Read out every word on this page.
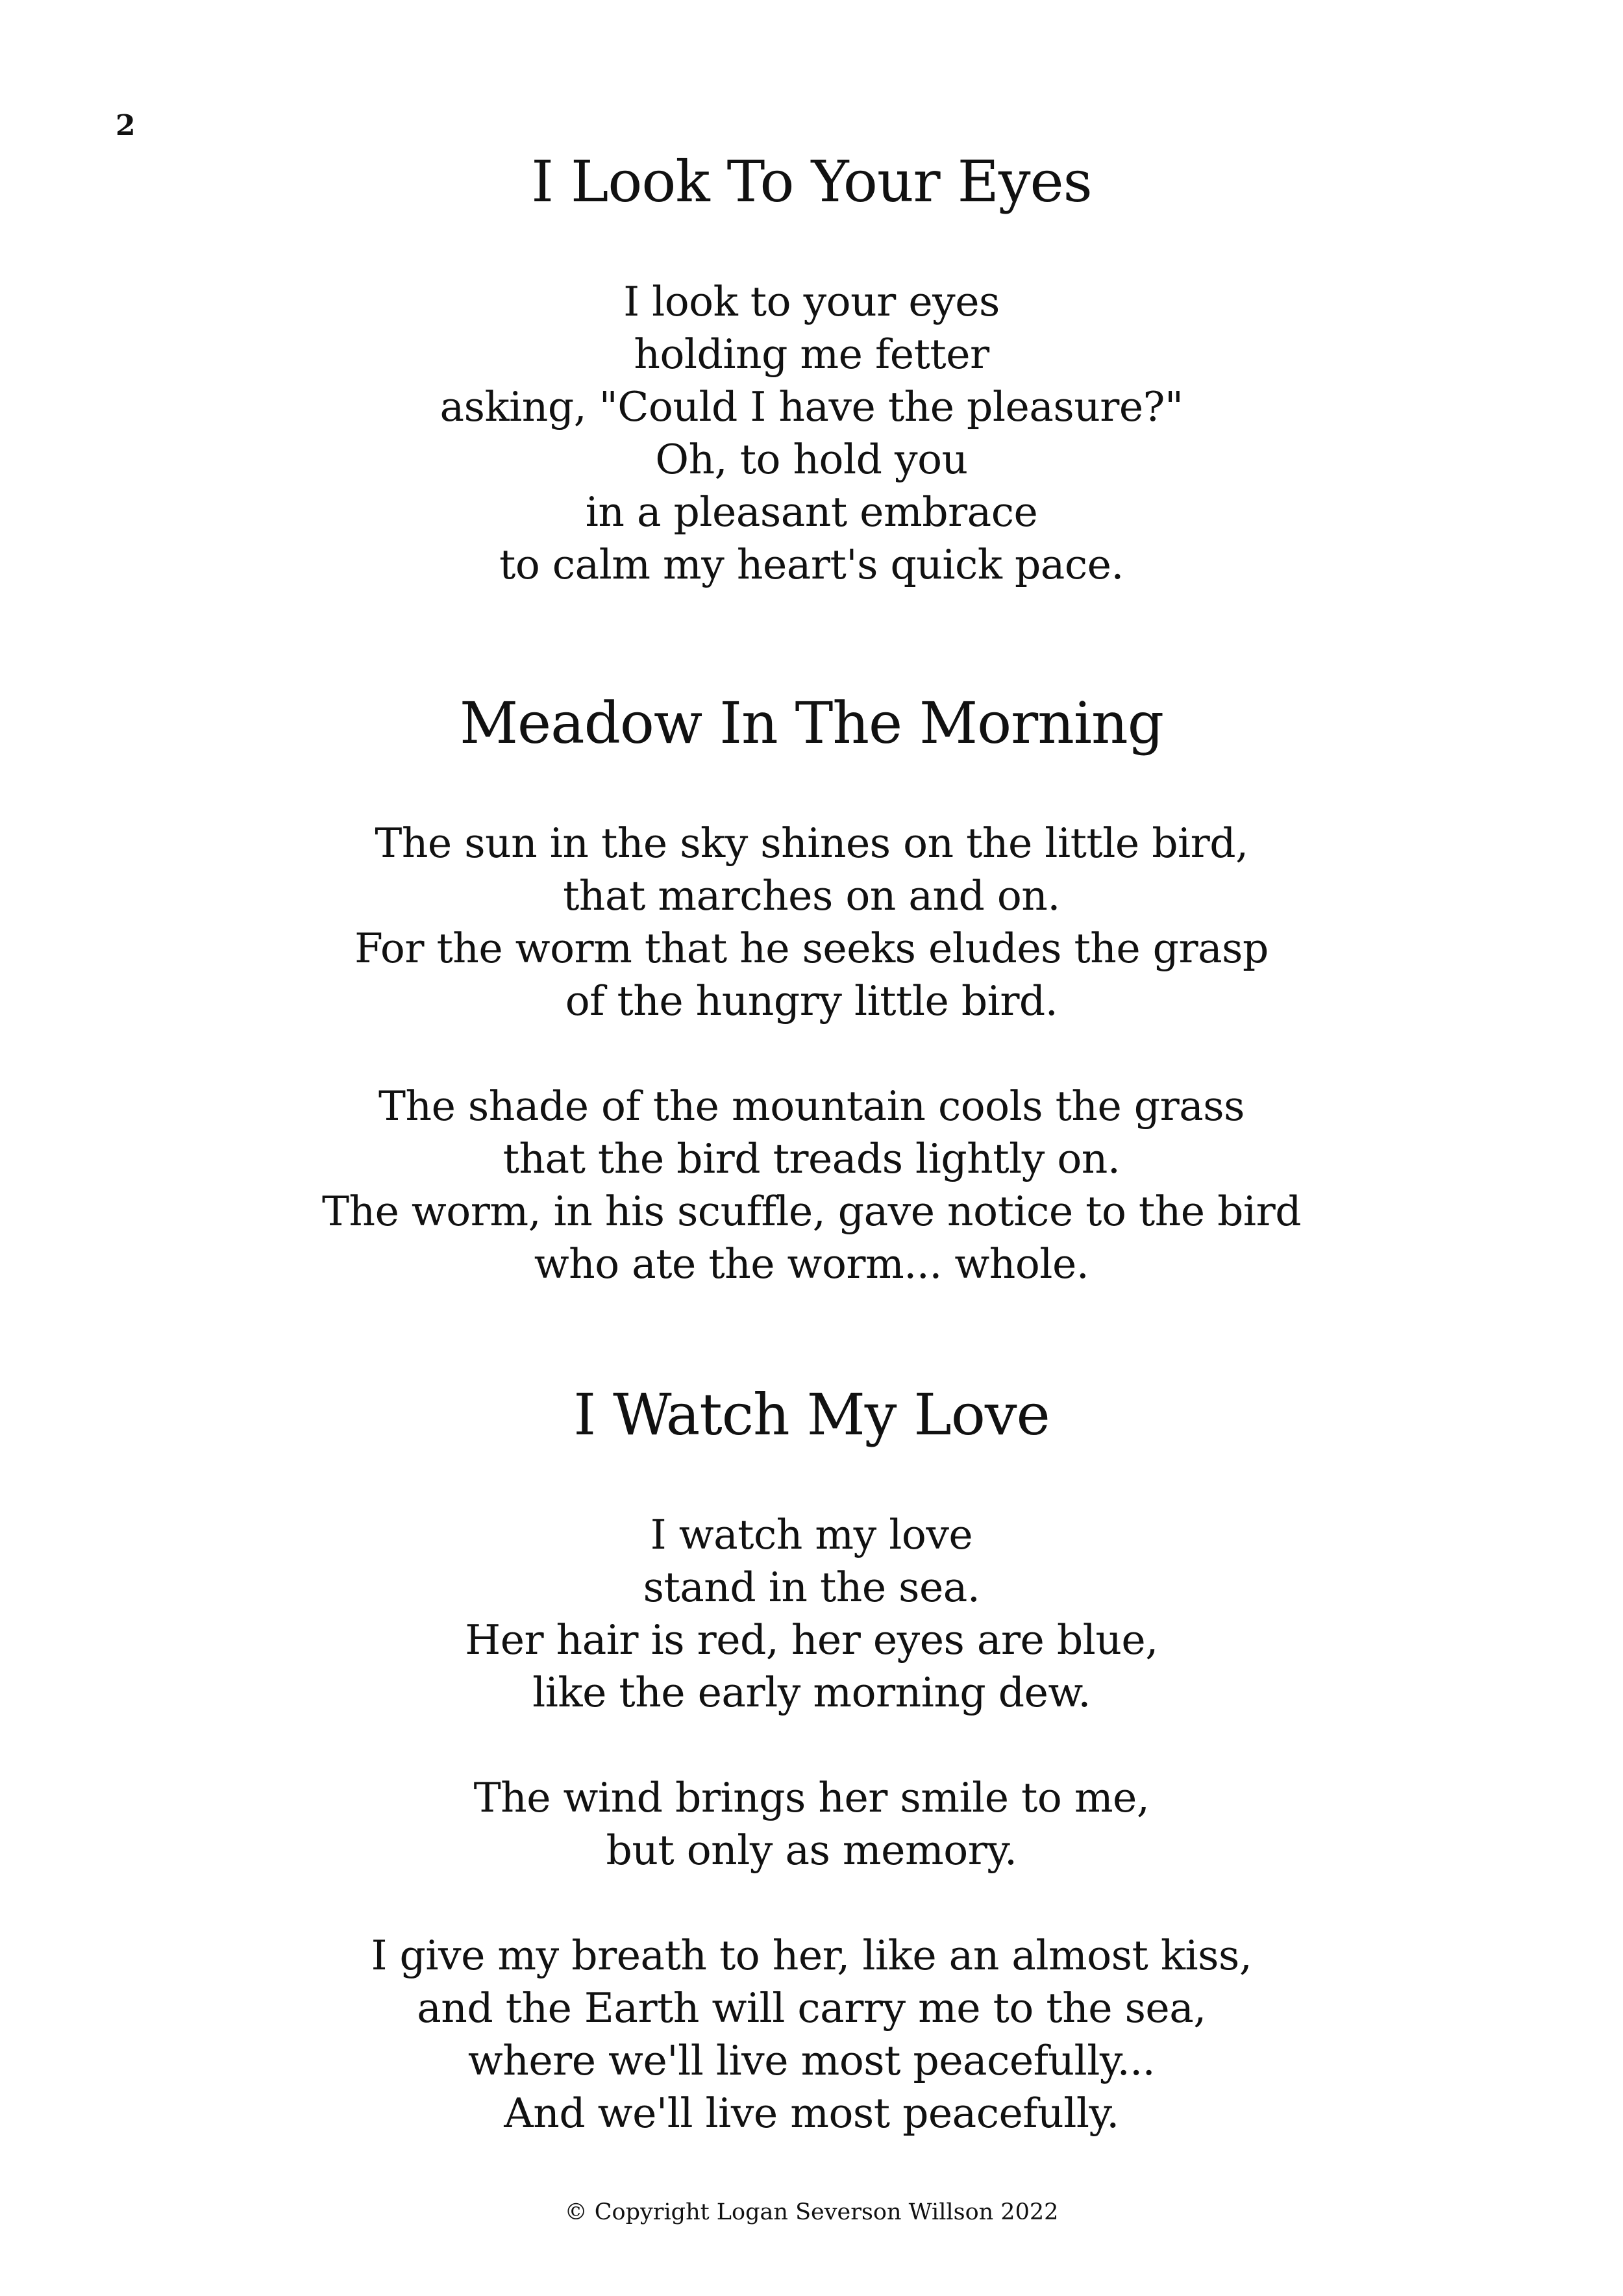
2
I Look To Your Eyes
I look to your eyes
holding me fetter
asking, "Could I have the pleasure?"
Oh, to hold you
in a pleasant embrace
to calm my heart's quick pace.
Meadow In The Morning
The sun in the sky shines on the little bird,
that marches on and on.
For the worm that he seeks eludes the grasp
of the hungry little bird.
The shade of the mountain cools the grass
that the bird treads lightly on.
The worm, in his scuffle, gave notice to the bird
who ate the worm... whole.
I Watch My Love
I watch my love
stand in the sea.
Her hair is red, her eyes are blue,
like the early morning dew.
The wind brings her smile to me,
but only as memory.
I give my breath to her, like an almost kiss,
and the Earth will carry me to the sea,
where we'll live most peacefully...
And we'll live most peacefully.
© Copyright Logan Severson Willson 2022
